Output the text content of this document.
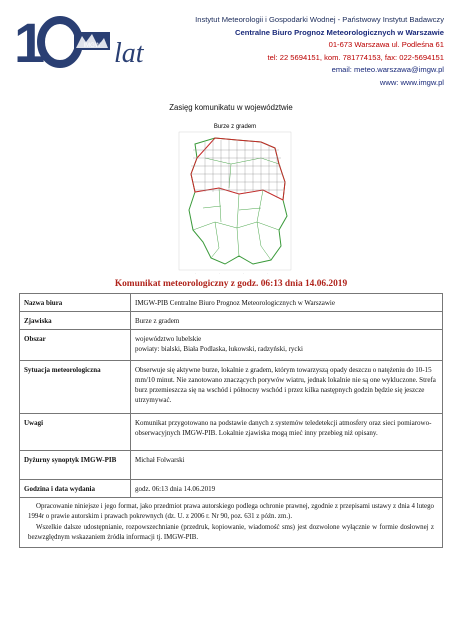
1	IMGW lat
Instytut Meteorologii i Gospodarki Wodnej - Państwowy Instytut Badawczy
Centralne Biuro Prognoz Meteorologicznych w Warszawie
01-673 Warszawa ul. Podleśna 61
tel: 22 5694151, kom. 781774153, fax: 022-5694151
email: meteo.warszawa@imgw.pl
www: www.imgw.pl
Zasięg komunikatu w województwie
Burze z gradem
.	.	.	.
Komunikat meteorologiczny z godz. 06:13 dnia 14.06.2019
Nazwa biura	IMGW-PIB Centralne Biuro Prognoz Meteorologicznych w Warszawie
Zjawiska	Burze z gradem
Obszar	województwo lubelskie
powiaty: bialski, Biała Podlaska, łukowski, radzyński, rycki

Sytuacja meteorologiczna	Obserwuje się aktywne burze, lokalnie z gradem, którym towarzyszą opady deszczu o natężeniu do 10-15 mm/10 minut. Nie zanotowano znaczących porywów wiatru, jednak lokalnie nie są one wykluczone. Strefa burz przemieszcza się na wschód i północny wschód i przez kilka następnych godzin będzie się jeszcze utrzymywać.
Uwagi	Komunikat przygotowano na podstawie danych z systemów teledetekcji atmosfery oraz sieci pomiarowo-obserwacyjnych IMGW-PIB. Lokalnie zjawiska mogą mieć inny przebieg niż opisany.
Dyżurny synoptyk IMGW-PIB	Michał Folwarski
Godzina i data wydania	godz. 06:13 dnia 14.06.2019

Opracowanie niniejsze i jego format, jako przedmiot prawa autorskiego podlega ochronie prawnej, zgodnie z przepisami ustawy z dnia 4 lutego 1994r o prawie autorskim i prawach pokrewnych (dz. U. z 2006 r. Nr 90, poz. 631 z późn. zm.).
Wszelkie dalsze udostępnianie, rozpowszechnianie (przedruk, kopiowanie, wiadomość sms) jest dozwolone wyłącznie w formie dosłownej z bezwzględnym wskazaniem źródła informacji tj. IMGW-PIB.	
